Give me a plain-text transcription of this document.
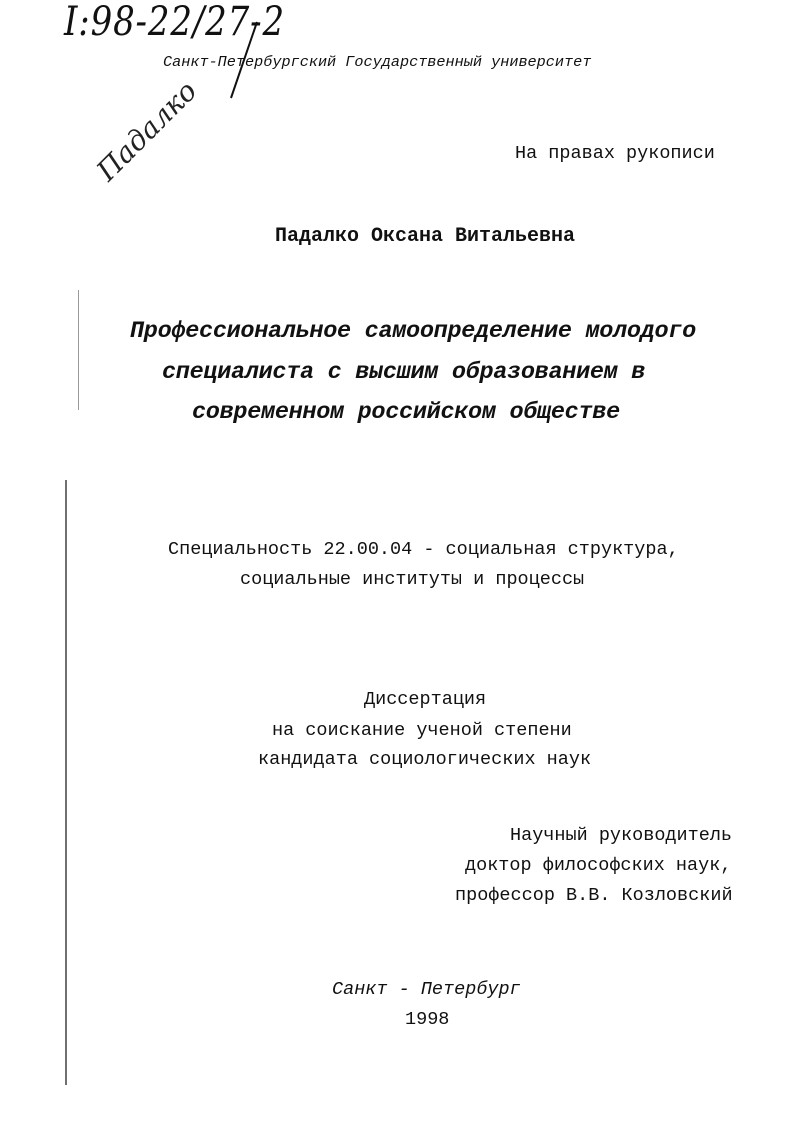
I:98-22/27-2
Падалко
Санкт-Петербургский Государственный университет
На правах рукописи
Падалко Оксана Витальевна
Профессиональное самоопределение молодого
специалиста с высшим образованием в
современном российском обществе
Специальность 22.00.04 - социальная структура,
социальные институты и процессы
Диссертация
на соискание ученой степени
кандидата социологических наук
Научный руководитель
доктор философских наук,
профессор В.В. Козловский
Санкт - Петербург
1998
